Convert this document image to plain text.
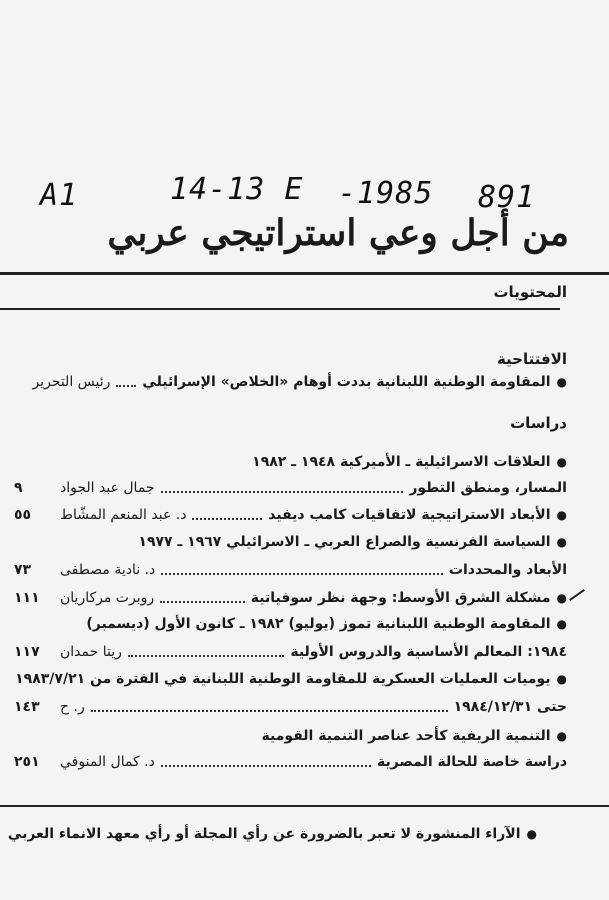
A1	14-13 E -1985 891
من أجل وعي استراتيجي عربي
المحتويات
الافتتاحية
●المقاومة الوطنية اللبنانية بددت أوهام «الخلاص» الإسرائيلي
رئيس التحرير
دراسات
●
العلاقات الاسرائيلية ـ الأميركية ١٩٤٨ ـ ١٩٨٢
المسار، ومنطق التطور
جمال عبد الجواد
٩
●الأبعاد الاستراتيجية لاتفاقيات كامب ديفيد
د. عبد المنعم المشّاط
٥٥
●
السياسة الفرنسية والصراع العربي ـ الاسرائيلي ١٩٦٧ ـ ١٩٧٧
الأبعاد والمحددات
د. نادية مصطفى
٧٣
●مشكلة الشرق الأوسط: وجهة نظر سوفياتية
روبرت مركاريان
١١١
●
المقاومة الوطنية اللبنانية تموز (يوليو) ١٩٨٢ ـ كانون الأول (ديسمبر)
١٩٨٤: المعالم الأساسية والدروس الأولية
ريتا حمدان
١١٧
●
يوميات العمليات العسكرية للمقاومة الوطنية اللبنانية في الفترة من ١٩٨٣/٧/٢١
حتى ١٩٨٤/١٢/٣١
ر. ح
١٤٣
●
التنمية الريفية كأحد عناصر التنمية القومية
دراسة خاصة للحالة المصرية
د. كمال المنوفي
٢٥١
●الآراء المنشورة لا تعبر بالضرورة عن رأي المجلة أو رأي معهد الانماء العربي
